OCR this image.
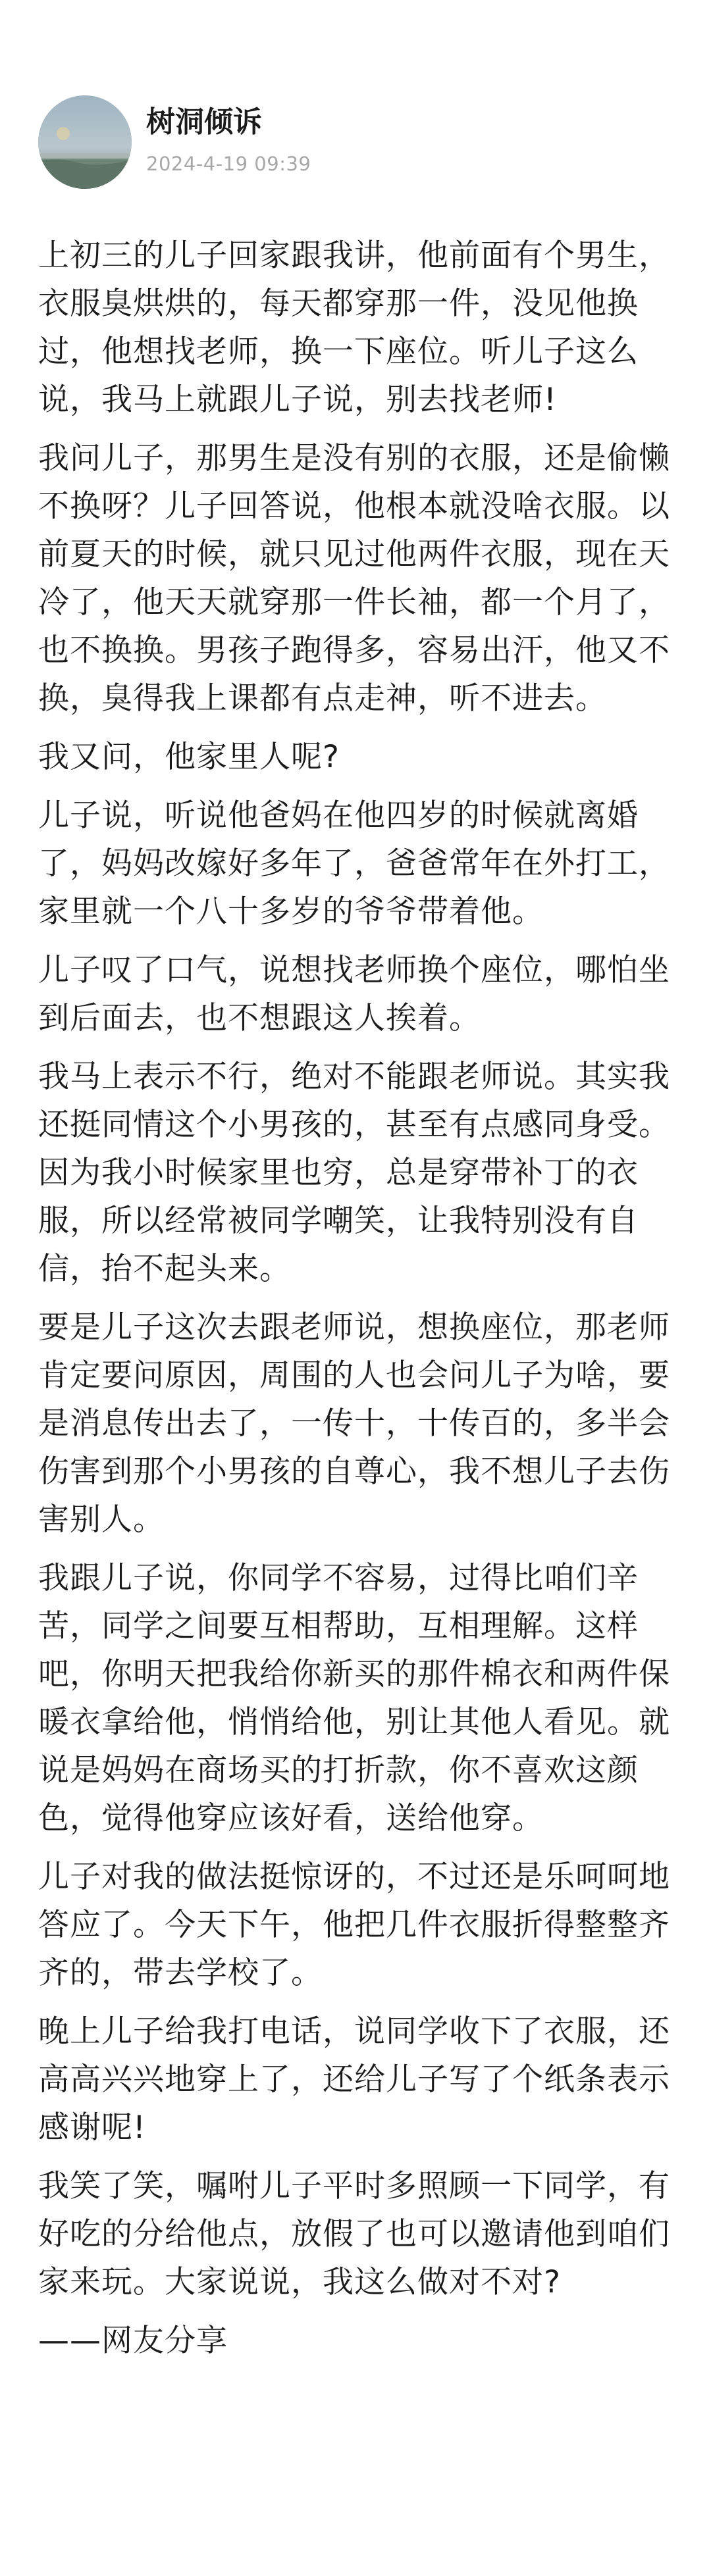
树洞倾诉
2024-4-19 09:39

上初三的儿子回家跟我讲，他前面有个男生，衣服臭烘烘的，每天都穿那一件，没见他换过，他想找老师，换一下座位。听儿子这么说，我马上就跟儿子说，别去找老师!

我问儿子，那男生是没有别的衣服，还是偷懒不换呀？儿子回答说，他根本就没啥衣服。以前夏天的时候，就只见过他两件衣服，现在天冷了，他天天就穿那一件长袖，都一个月了，也不换换。男孩子跑得多，容易出汗，他又不换，臭得我上课都有点走神，听不进去。

我又问，他家里人呢?

儿子说，听说他爸妈在他四岁的时候就离婚了，妈妈改嫁好多年了，爸爸常年在外打工，家里就一个八十多岁的爷爷带着他。

儿子叹了口气，说想找老师换个座位，哪怕坐到后面去，也不想跟这人挨着。

我马上表示不行，绝对不能跟老师说。其实我还挺同情这个小男孩的，甚至有点感同身受。因为我小时候家里也穷，总是穿带补丁的衣服，所以经常被同学嘲笑，让我特别没有自信，抬不起头来。

要是儿子这次去跟老师说，想换座位，那老师肯定要问原因，周围的人也会问儿子为啥，要是消息传出去了，一传十，十传百的，多半会伤害到那个小男孩的自尊心，我不想儿子去伤害别人。

我跟儿子说，你同学不容易，过得比咱们辛苦，同学之间要互相帮助，互相理解。这样吧，你明天把我给你新买的那件棉衣和两件保暖衣拿给他，悄悄给他，别让其他人看见。就说是妈妈在商场买的打折款，你不喜欢这颜色，觉得他穿应该好看，送给他穿。

儿子对我的做法挺惊讶的，不过还是乐呵呵地答应了。今天下午，他把几件衣服折得整整齐齐的，带去学校了。

晚上儿子给我打电话，说同学收下了衣服，还高高兴兴地穿上了，还给儿子写了个纸条表示感谢呢!

我笑了笑，嘱咐儿子平时多照顾一下同学，有好吃的分给他点，放假了也可以邀请他到咱们家来玩。大家说说，我这么做对不对?

——网友分享
